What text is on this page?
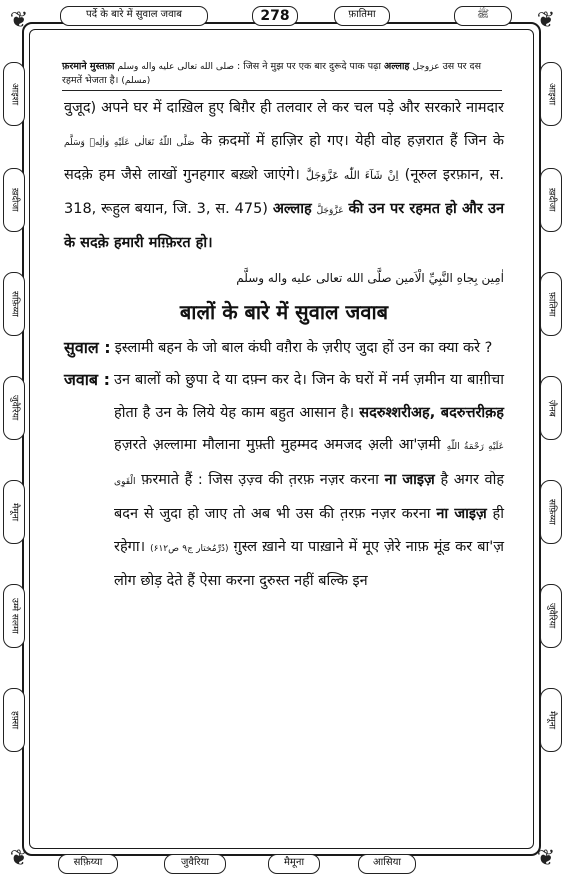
❦	❦
❦	❦
पर्दे के बारे में सुवाल जवाब	278	फ़ातिमा	ﷺ
आइशा
ख़दीजा
सफ़िय्या
जुवैरिया
मैमूना
उम्मे सलमा
हफ़्सा
आइशा
ख़दीजा
फ़ातिमा
ज़ैनब
सफ़िय्या
जुवैरिया
मैमूना
सफ़िय्या	जुवैरिया	मैमूना	आसिया
फ़रमाने मुस्तफ़ा صلى الله تعالى عليه واله وسلم : जिस ने मुझ पर एक बार दुरूदे पाक पढ़ा अल्लाह عزوجل उस पर दस रहमतें भेजता है। (مسلم)

वुजूद) अपने घर में दाख़िल हुए बिग़ैर ही तलवार ले कर चल पड़े और सरकारे नामदार صَلَّى اللّٰهُ تَعَالٰى عَلَيْهِ وَاٰلِهٖ وَسَلَّم के क़दमों में हाज़िर हो गए। येही वोह हज़रात हैं जिन के सदक़े हम जैसे लाखों गुनहगार बख़्शे जाएंगे। اِنْ شَآءَ اللّٰه عَزَّوَجَلَّ (नूरुल इरफ़ान, स. 318, रूहुल बयान, जि. 3, स. 475) अल्लाह عَزَّوَجَلَّ की उन पर रहमत हो और उन के सदक़े हमारी मग़्फ़िरत हो।

اٰمِين بِجاهِ النَّبِيِّ الْاَمين صلَّى الله تعالى عليه واله وسلَّم
बालों के बारे में सुवाल जवाब
सुवाल : इस्लामी बहन के जो बाल कंघी वग़ैरा के ज़रीए जुदा हों उन का क्या करे ?
जवाब : उन बालों को छुपा दे या दफ़्न कर दे। जिन के घरों में नर्म ज़मीन या बाग़ीचा होता है उन के लिये येह काम बहुत आसान है। सदरुश्शरीअह, बदरुत्तरीक़ह हज़रते अ़ल्लामा मौलाना मुफ़्ती मुहम्मद अमजद अ़ली आ'ज़मी عَلَيْهِ رَحْمَةُ اللّٰهِ الْقَوِى फ़रमाते हैं : जिस उ़ज़्व की त़रफ़ नज़र करना ना जाइज़ है अगर वोह बदन से जुदा हो जाए तो अब भी उस की त़रफ़ नज़र करना ना जाइज़ ही रहेगा। (دُرِّمُختار ج۹ ص۶۱۲) ग़ुस्ल ख़ाने या पाख़ाने में मूए ज़ेरे नाफ़ मूंड कर बा'ज़ लोग छोड़ देते हैं ऐसा करना दुरुस्त नहीं बल्कि इन
